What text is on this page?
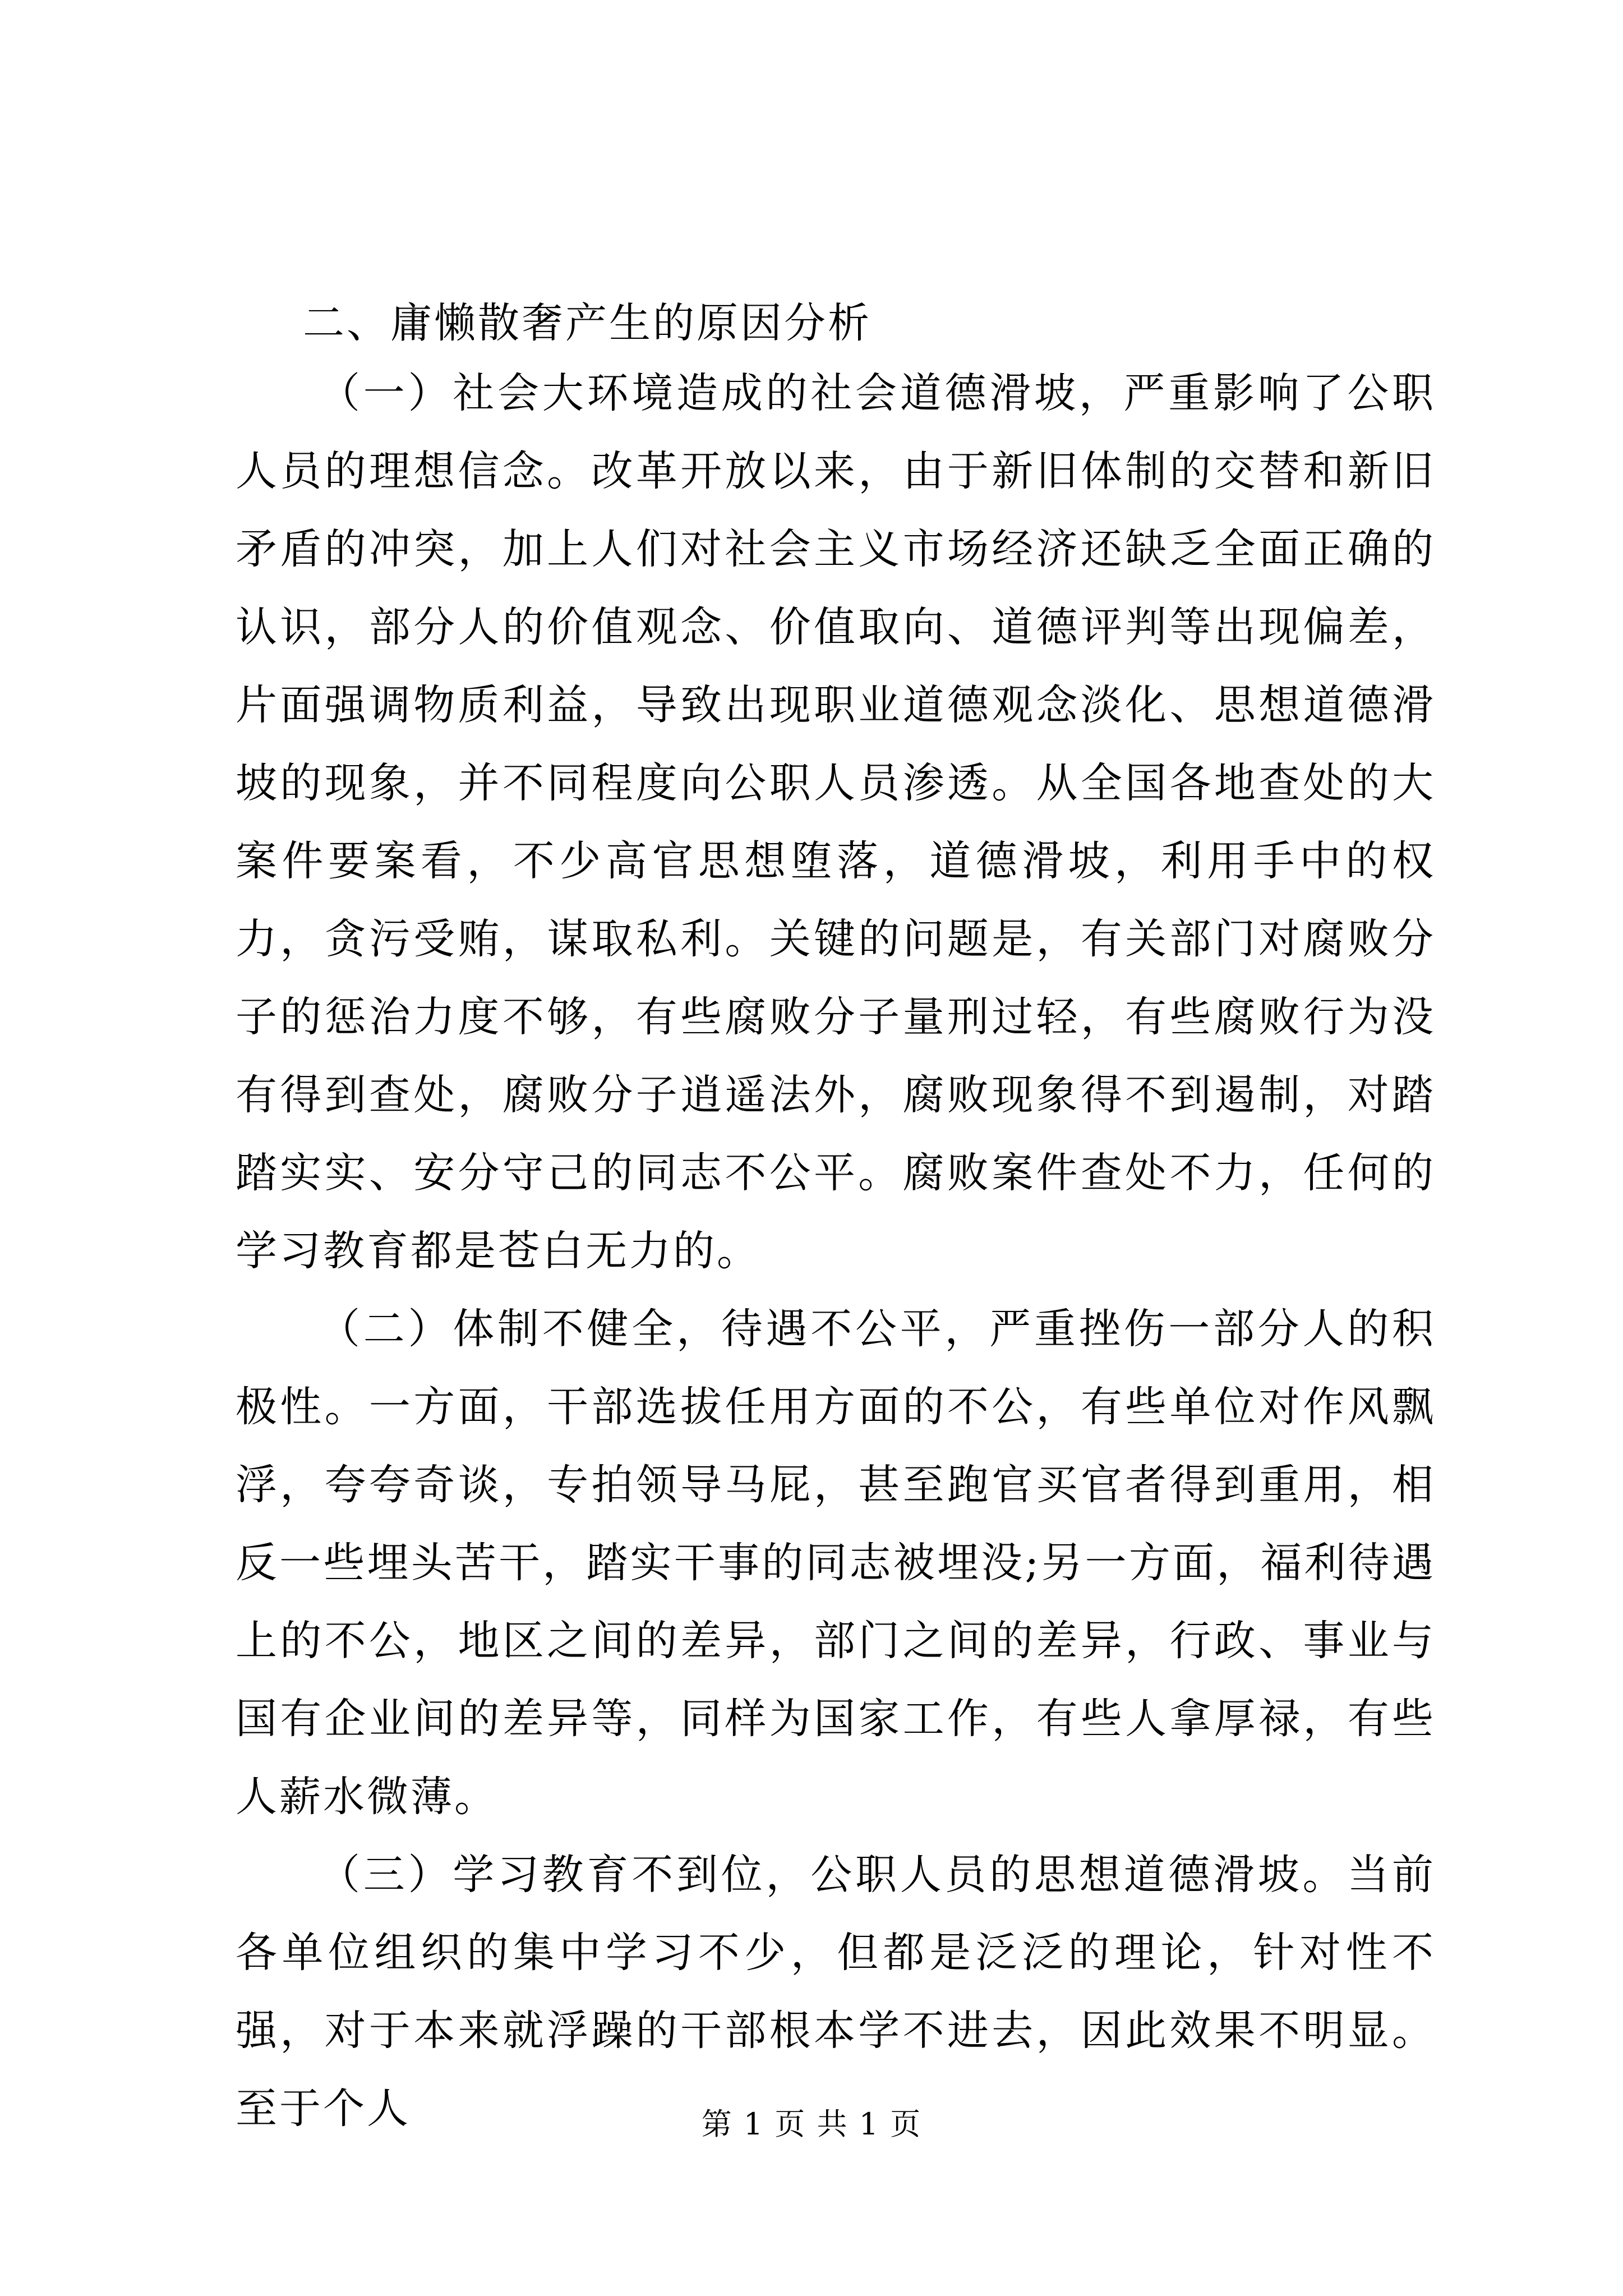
二、庸懒散奢产生的原因分析

（一）社会大环境造成的社会道德滑坡，严重影响了公职人员的理想信念。改革开放以来，由于新旧体制的交替和新旧矛盾的冲突，加上人们对社会主义市场经济还缺乏全面正确的认识，部分人的价值观念、价值取向、道德评判等出现偏差，片面强调物质利益，导致出现职业道德观念淡化、思想道德滑坡的现象，并不同程度向公职人员渗透。从全国各地查处的大案件要案看，不少高官思想堕落，道德滑坡，利用手中的权力，贪污受贿，谋取私利。关键的问题是，有关部门对腐败分子的惩治力度不够，有些腐败分子量刑过轻，有些腐败行为没有得到查处，腐败分子逍遥法外，腐败现象得不到遏制，对踏踏实实、安分守己的同志不公平。腐败案件查处不力，任何的学习教育都是苍白无力的。

（二）体制不健全，待遇不公平，严重挫伤一部分人的积极性。一方面，干部选拔任用方面的不公，有些单位对作风飘浮，夸夸奇谈，专拍领导马屁，甚至跑官买官者得到重用，相反一些埋头苦干，踏实干事的同志被埋没;另一方面，福利待遇上的不公，地区之间的差异，部门之间的差异，行政、事业与国有企业间的差异等，同样为国家工作，有些人拿厚禄，有些人薪水微薄。

（三）学习教育不到位，公职人员的思想道德滑坡。当前各单位组织的集中学习不少，但都是泛泛的理论，针对性不强，对于本来就浮躁的干部根本学不进去，因此效果不明显。至于个人	第 1 页 共 1 页
